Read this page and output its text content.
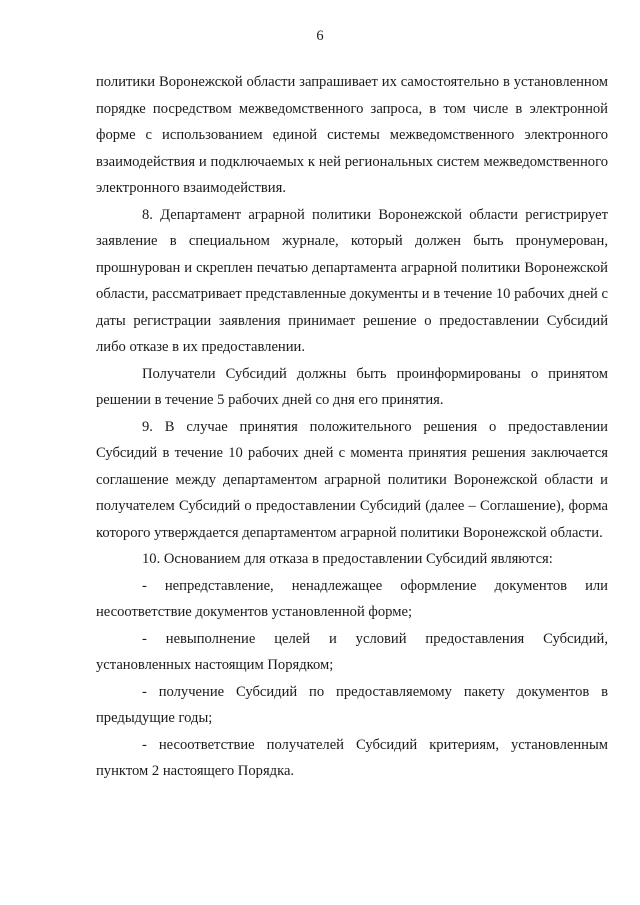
6

политики Воронежской области запрашивает их самостоятельно в установленном порядке посредством межведомственного запроса, в том числе в электронной форме с использованием единой системы межведомственного электронного взаимодействия и подключаемых к ней региональных систем межведомственного электронного взаимодействия.

8. Департамент аграрной политики Воронежской области регистрирует заявление в специальном журнале, который должен быть пронумерован, прошнурован и скреплен печатью департамента аграрной политики Воронежской области, рассматривает представленные документы и в течение 10 рабочих дней с даты регистрации заявления принимает решение о предоставлении Субсидий либо отказе в их предоставлении.

Получатели Субсидий должны быть проинформированы о принятом решении в течение 5 рабочих дней со дня его принятия.

9. В случае принятия положительного решения о предоставлении Субсидий в течение 10 рабочих дней с момента принятия решения заключается соглашение между департаментом аграрной политики Воронежской области и получателем Субсидий о предоставлении Субсидий (далее – Соглашение), форма которого утверждается департаментом аграрной политики Воронежской области.

10. Основанием для отказа в предоставлении Субсидий являются:

- непредставление, ненадлежащее оформление документов или несоответствие документов установленной форме;

- невыполнение целей и условий предоставления Субсидий, установленных настоящим Порядком;

- получение Субсидий по предоставляемому пакету документов в предыдущие годы;

- несоответствие получателей Субсидий критериям, установленным пунктом 2 настоящего Порядка.
